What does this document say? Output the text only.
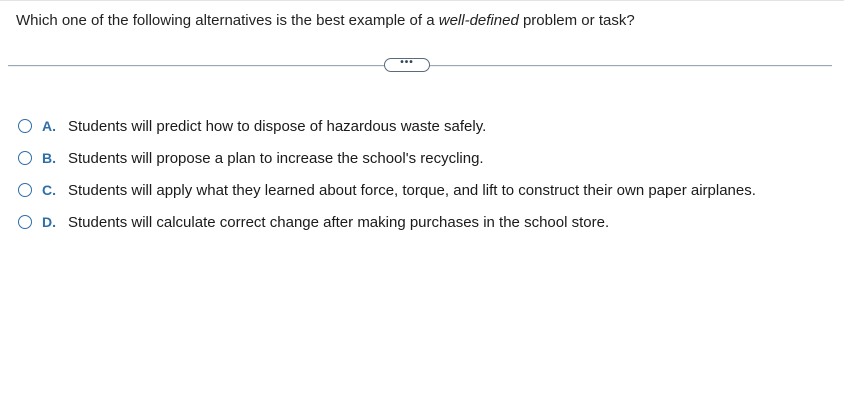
Which one of the following alternatives is the best example of a well-defined problem or task?
•••
A. Students will predict how to dispose of hazardous waste safely.
B. Students will propose a plan to increase the school's recycling.
C. Students will apply what they learned about force, torque, and lift to construct their own paper airplanes.
D. Students will calculate correct change after making purchases in the school store.
